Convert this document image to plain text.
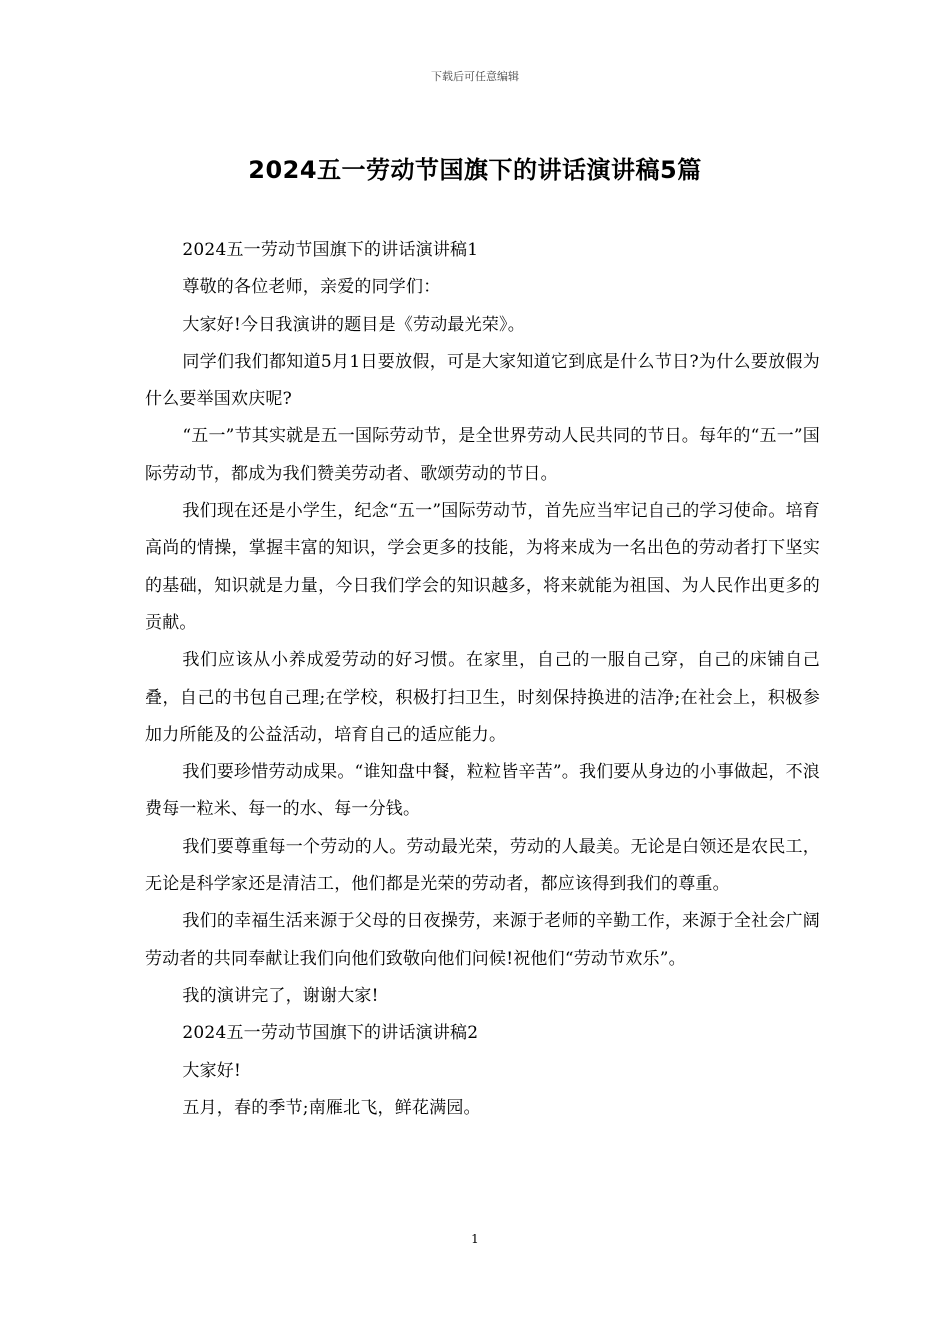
下载后可任意编辑
2024五一劳动节国旗下的讲话演讲稿5篇

2024五一劳动节国旗下的讲话演讲稿1

尊敬的各位老师，亲爱的同学们：

大家好!今日我演讲的题目是《劳动最光荣》。

同学们我们都知道5月1日要放假，可是大家知道它到底是什么节日?为什么要放假为什么要举国欢庆呢?

“五一”节其实就是五一国际劳动节，是全世界劳动人民共同的节日。每年的“五一”国际劳动节，都成为我们赞美劳动者、歌颂劳动的节日。

我们现在还是小学生，纪念“五一”国际劳动节，首先应当牢记自己的学习使命。培育高尚的情操，掌握丰富的知识，学会更多的技能，为将来成为一名出色的劳动者打下坚实的基础，知识就是力量，今日我们学会的知识越多，将来就能为祖国、为人民作出更多的贡献。

我们应该从小养成爱劳动的好习惯。在家里，自己的一服自己穿，自己的床铺自己叠，自己的书包自己理;在学校，积极打扫卫生，时刻保持换进的洁净;在社会上，积极参加力所能及的公益活动，培育自己的适应能力。

我们要珍惜劳动成果。“谁知盘中餐，粒粒皆辛苦”。我们要从身边的小事做起，不浪费每一粒米、每一的水、每一分钱。

我们要尊重每一个劳动的人。劳动最光荣，劳动的人最美。无论是白领还是农民工，无论是科学家还是清洁工，他们都是光荣的劳动者，都应该得到我们的尊重。

我们的幸福生活来源于父母的日夜操劳，来源于老师的辛勤工作，来源于全社会广阔劳动者的共同奉献让我们向他们致敬向他们问候!祝他们“劳动节欢乐”。

我的演讲完了，谢谢大家!

2024五一劳动节国旗下的讲话演讲稿2

大家好!

五月，春的季节;南雁北飞，鲜花满园。

1
